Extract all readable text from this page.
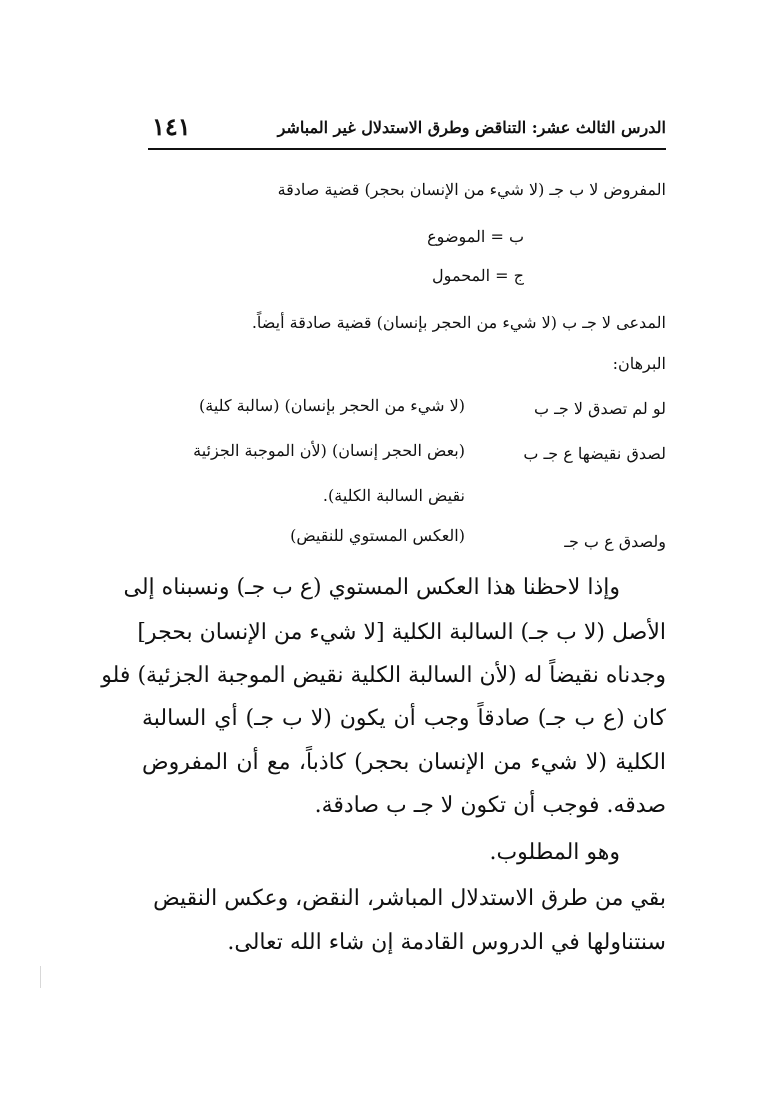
الدرس الثالث عشر: التناقض وطرق الاستدلال غير المباشر
١٤١
المفروض لا ب جـ (لا شيء من الإنسان بحجر) قضية صادقة
ب = الموضوع
ج = المحمول
المدعى لا جـ ب (لا شيء من الحجر بإنسان) قضية صادقة أيضاً.
البرهان:
لو لم تصدق لا جـ ب
(لا شيء من الحجر بإنسان) (سالبة كلية)
لصدق نقيضها ع جـ ب
(بعض الحجر إنسان) (لأن الموجبة الجزئية
نقيض السالبة الكلية).
ولصدق ع ب جـ
(العكس المستوي للنقيض)
وإذا لاحظنا هذا العكس المستوي (ع ب جـ) ونسبناه إلى
الأصل (لا ب جـ) السالبة الكلية [لا شيء من الإنسان بحجر]
وجدناه نقيضاً له (لأن السالبة الكلية نقيض الموجبة الجزئية) فلو
كان (ع ب جـ) صادقاً وجب أن يكون (لا ب جـ) أي السالبة
الكلية (لا شيء من الإنسان بحجر) كاذباً، مع أن المفروض
صدقه. فوجب أن تكون لا جـ ب صادقة.
وهو المطلوب.
بقي من طرق الاستدلال المباشر، النقض، وعكس النقيض
سنتناولها في الدروس القادمة إن شاء الله تعالى.
